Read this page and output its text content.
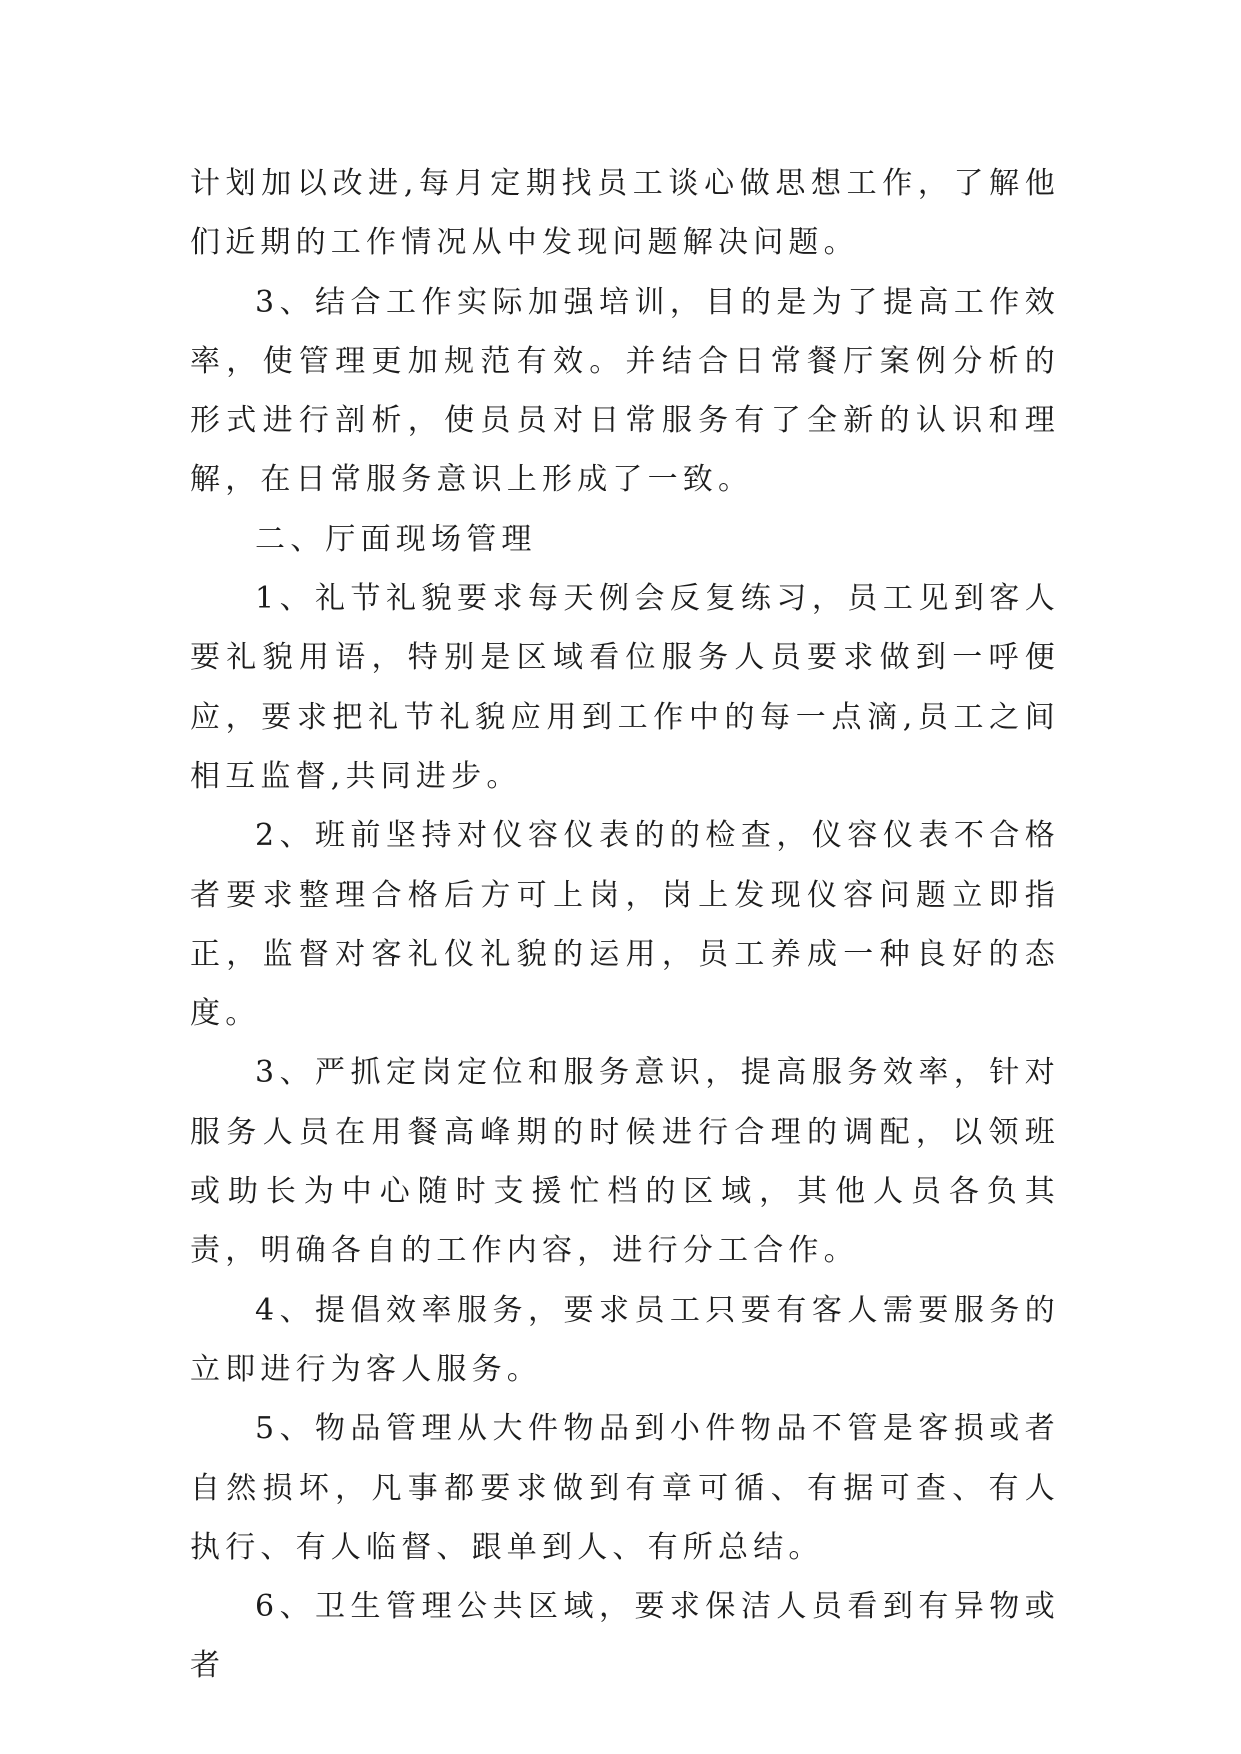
计划加以改进,每月定期找员工谈心做思想工作，了解他们近期的工作情况从中发现问题解决问题。

3、结合工作实际加强培训，目的是为了提高工作效率，使管理更加规范有效。并结合日常餐厅案例分析的形式进行剖析，使员员对日常服务有了全新的认识和理解，在日常服务意识上形成了一致。

二、厅面现场管理

1、礼节礼貌要求每天例会反复练习，员工见到客人要礼貌用语，特别是区域看位服务人员要求做到一呼便应，要求把礼节礼貌应用到工作中的每一点滴,员工之间相互监督,共同进步。

2、班前坚持对仪容仪表的的检查，仪容仪表不合格者要求整理合格后方可上岗，岗上发现仪容问题立即指正，监督对客礼仪礼貌的运用，员工养成一种良好的态度。

3、严抓定岗定位和服务意识，提高服务效率，针对服务人员在用餐高峰期的时候进行合理的调配，以领班或助长为中心随时支援忙档的区域，其他人员各负其责，明确各自的工作内容，进行分工合作。

4、提倡效率服务，要求员工只要有客人需要服务的立即进行为客人服务。

5、物品管理从大件物品到小件物品不管是客损或者自然损坏，凡事都要求做到有章可循、有据可查、有人执行、有人临督、跟单到人、有所总结。

6、卫生管理公共区域，要求保洁人员看到有异物或者
